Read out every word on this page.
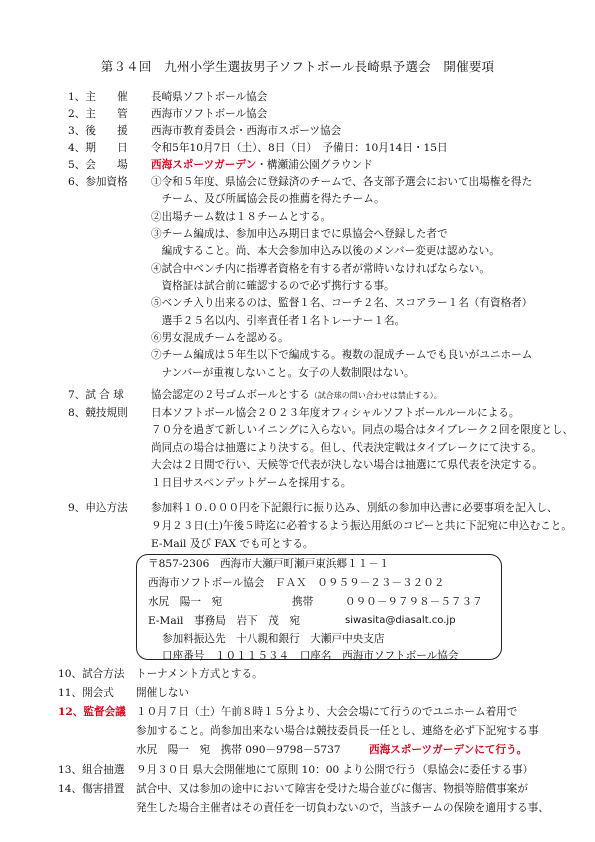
第３４回　九州小学生選抜男子ソフトボール長崎県予選会　開催要項
1、主　　催 長崎県ソフトボール協会
2、主　　管 西海市ソフトボール協会
3、後　　援 西海市教育委員会・西海市スポーツ協会
4、期　　日 令和5年10月7日（土）、8日（日）　予備日：10月14日・15日
5、会　　場 西海スポーツガーデン・構瀬浦公園グラウンド
6、参加資格 ①令和５年度、県協会に登録済のチームで、各支部予選会において出場権を得た
　チーム、及び所属協会長の推薦を得たチーム。
②出場チーム数は１８チームとする。
③チーム編成は、参加申込み期日までに県協会へ登録した者で
　編成すること。尚、本大会参加申込み以後のメンバー変更は認めない。
④試合中ベンチ内に指導者資格を有する者が常時いなければならない。
　資格証は試合前に確認するので必ず携行する事。
⑤ベンチ入り出来るのは、監督１名、コーチ２名、スコアラー１名（有資格者）
　選手２５名以内、引率責任者１名トレーナー１名。
⑥男女混成チームを認める。
⑦チーム編成は５年生以下で編成する。複数の混成チームでも良いがユニホーム
　ナンバーが重複しないこと。女子の人数制限はない。
7、試 合 球	協会認定の２号ゴムボールとする（試合球の問い合わせは禁止する）。
8、競技規則 日本ソフトボール協会２０２３年度オフィシャルソフトボールルールによる。
７０分を過ぎて新しいイニングに入らない。同点の場合はタイブレーク２回を限度とし、
尚同点の場合は抽選により決する。但し、代表決定戦はタイブレークにて決する。
大会は２日間で行い、天候等で代表が決しない場合は抽選にて県代表を決定する。
１日目サスペンデットゲームを採用する。
9、申込方法 参加料１０.０００円を下記銀行に振り込み、別紙の参加申込書に必要事項を記入し、
９月２３日(土)午後５時迄に必着するよう振込用紙のコピーと共に下記宛に申込むこと。
E-Mail 及び FAX でも可とする。
〒857-2306　西海市大瀬戸町瀬戸東浜郷１１－１
西海市ソフトボール協会　ＦＡＸ　０９５９－２３－３２０２
水尻　陽一　宛	携帯	０９０－９７９８－５７３７
E-Mail　事務局　岩下　茂　宛	siwasita@diasalt.co.jp
参加料振込先　十八親和銀行　大瀬戸中央支店
口座番号　１０１１５３４　口座名　西海市ソフトボール協会
10、試合方法 トーナメント方式とする。
11、開会式 開催しない
12、監督会議 １０月７日（土）午前８時１５分より、大会会場にて行うのでユニホーム着用で
参加すること。尚参加出来ない場合は競技委員長一任とし、連絡を必ず下記宛する事
水尻　陽一　宛　携帯 090－9798－5737	西海スポーツガーデンにて行う。
13、組合抽選 ９月３０日 県大会開催地にて原則 10：00 より公開で行う（県協会に委任する事）
14、傷害措置 試合中、又は参加の途中において障害を受けた場合並びに傷害、物損等賠償事案が
発生した場合主催者はその責任を一切負わないので，当該チームの保険を適用する事、
